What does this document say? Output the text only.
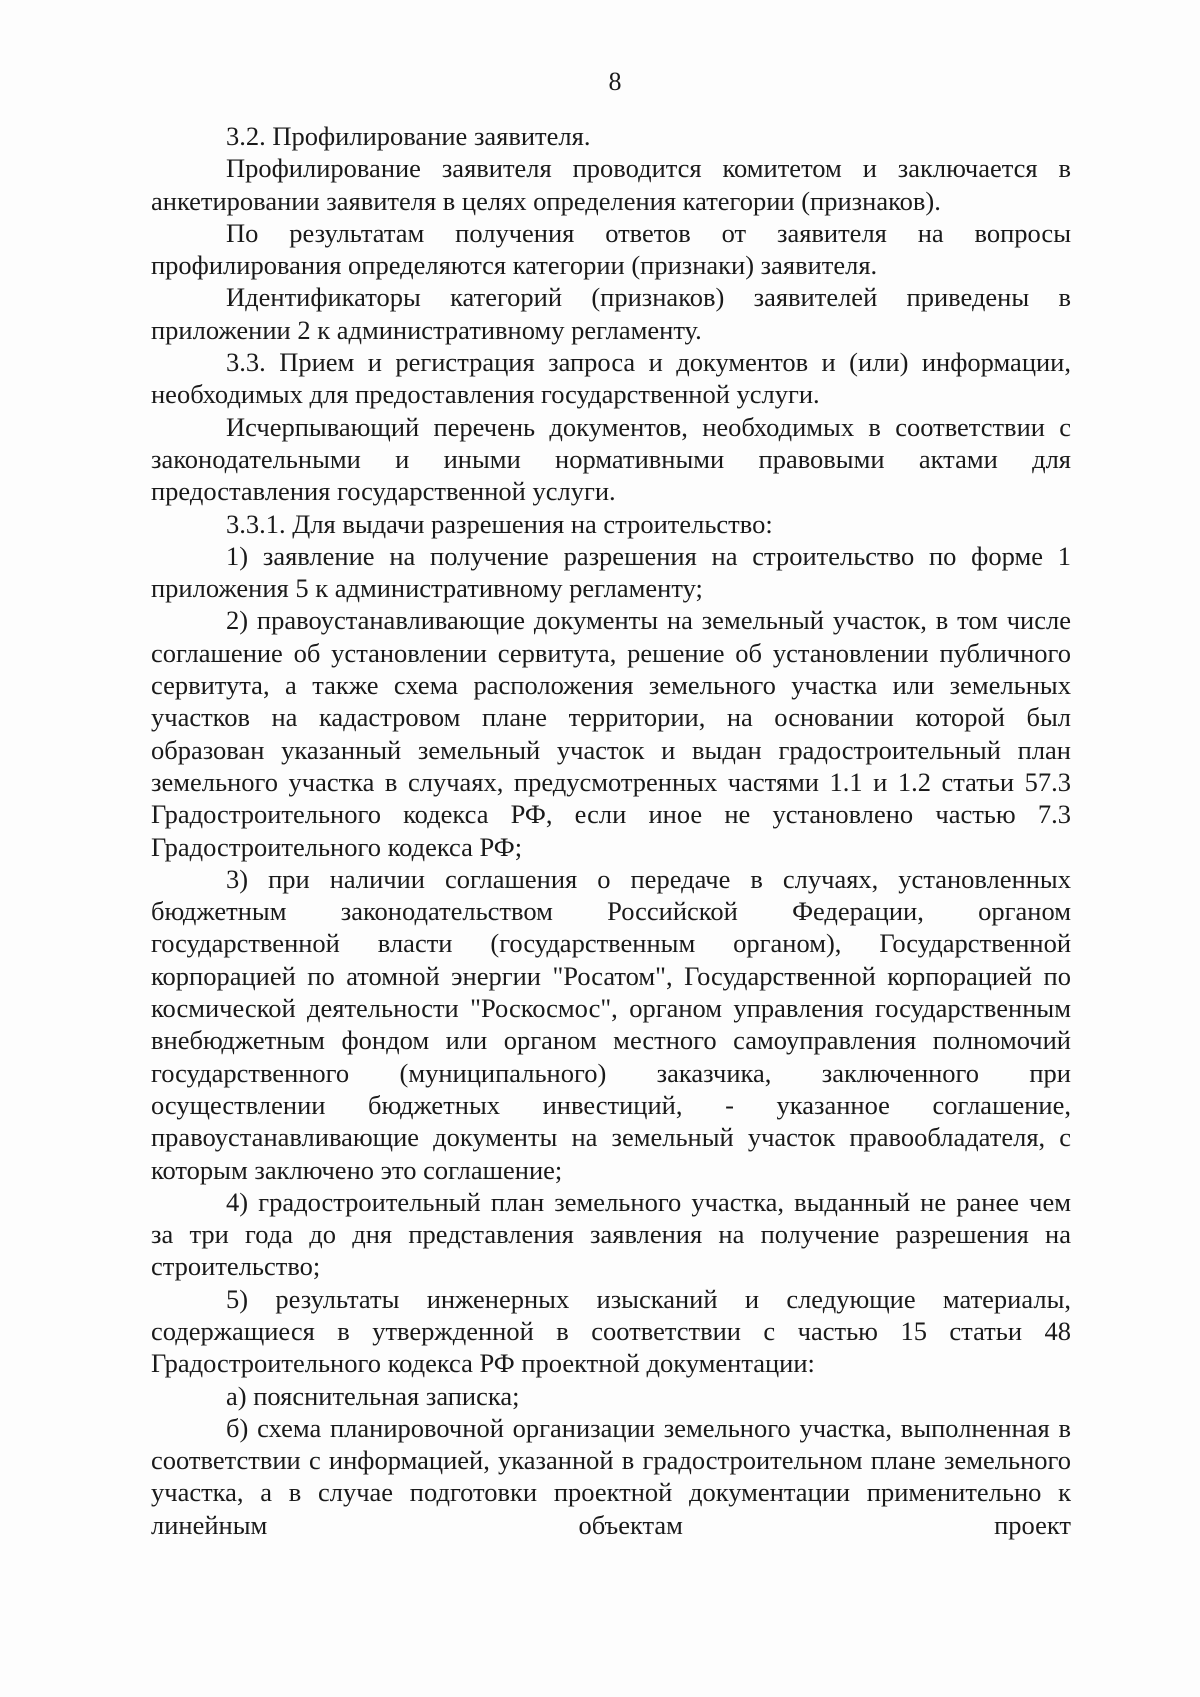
8

3.2. Профилирование заявителя.

Профилирование заявителя проводится комитетом и заключается в анкетировании заявителя в целях определения категории (признаков).

По результатам получения ответов от заявителя на вопросы профилирования определяются категории (признаки) заявителя.

Идентификаторы категорий (признаков) заявителей приведены в приложении 2 к административному регламенту.

3.3. Прием и регистрация запроса и документов и (или) информации, необходимых для предоставления государственной услуги.

Исчерпывающий перечень документов, необходимых в соответствии с законодательными и иными нормативными правовыми актами для предоставления государственной услуги.

3.3.1. Для выдачи разрешения на строительство:

1) заявление на получение разрешения на строительство по форме 1 приложения 5 к административному регламенту;

2) правоустанавливающие документы на земельный участок, в том числе соглашение об установлении сервитута, решение об установлении публичного сервитута, а также схема расположения земельного участка или земельных участков на кадастровом плане территории, на основании которой был образован указанный земельный участок и выдан градостроительный план земельного участка в случаях, предусмотренных частями 1.1 и 1.2 статьи 57.3 Градостроительного кодекса РФ, если иное не установлено частью 7.3 Градостроительного кодекса РФ;

3) при наличии соглашения о передаче в случаях, установленных бюджетным законодательством Российской Федерации, органом государственной власти (государственным органом), Государственной корпорацией по атомной энергии "Росатом", Государственной корпорацией по космической деятельности "Роскосмос", органом управления государственным внебюджетным фондом или органом местного самоуправления полномочий государственного (муниципального) заказчика, заключенного при осуществлении бюджетных инвестиций, - указанное соглашение, правоустанавливающие документы на земельный участок правообладателя, с которым заключено это соглашение;

4) градостроительный план земельного участка, выданный не ранее чем за три года до дня представления заявления на получение разрешения на строительство;

5) результаты инженерных изысканий и следующие материалы, содержащиеся в утвержденной в соответствии с частью 15 статьи 48 Градостроительного кодекса РФ проектной документации:

а) пояснительная записка;

б) схема планировочной организации земельного участка, выполненная в соответствии с информацией, указанной в градостроительном плане земельного участка, а в случае подготовки проектной документации применительно к линейным объектам проект
